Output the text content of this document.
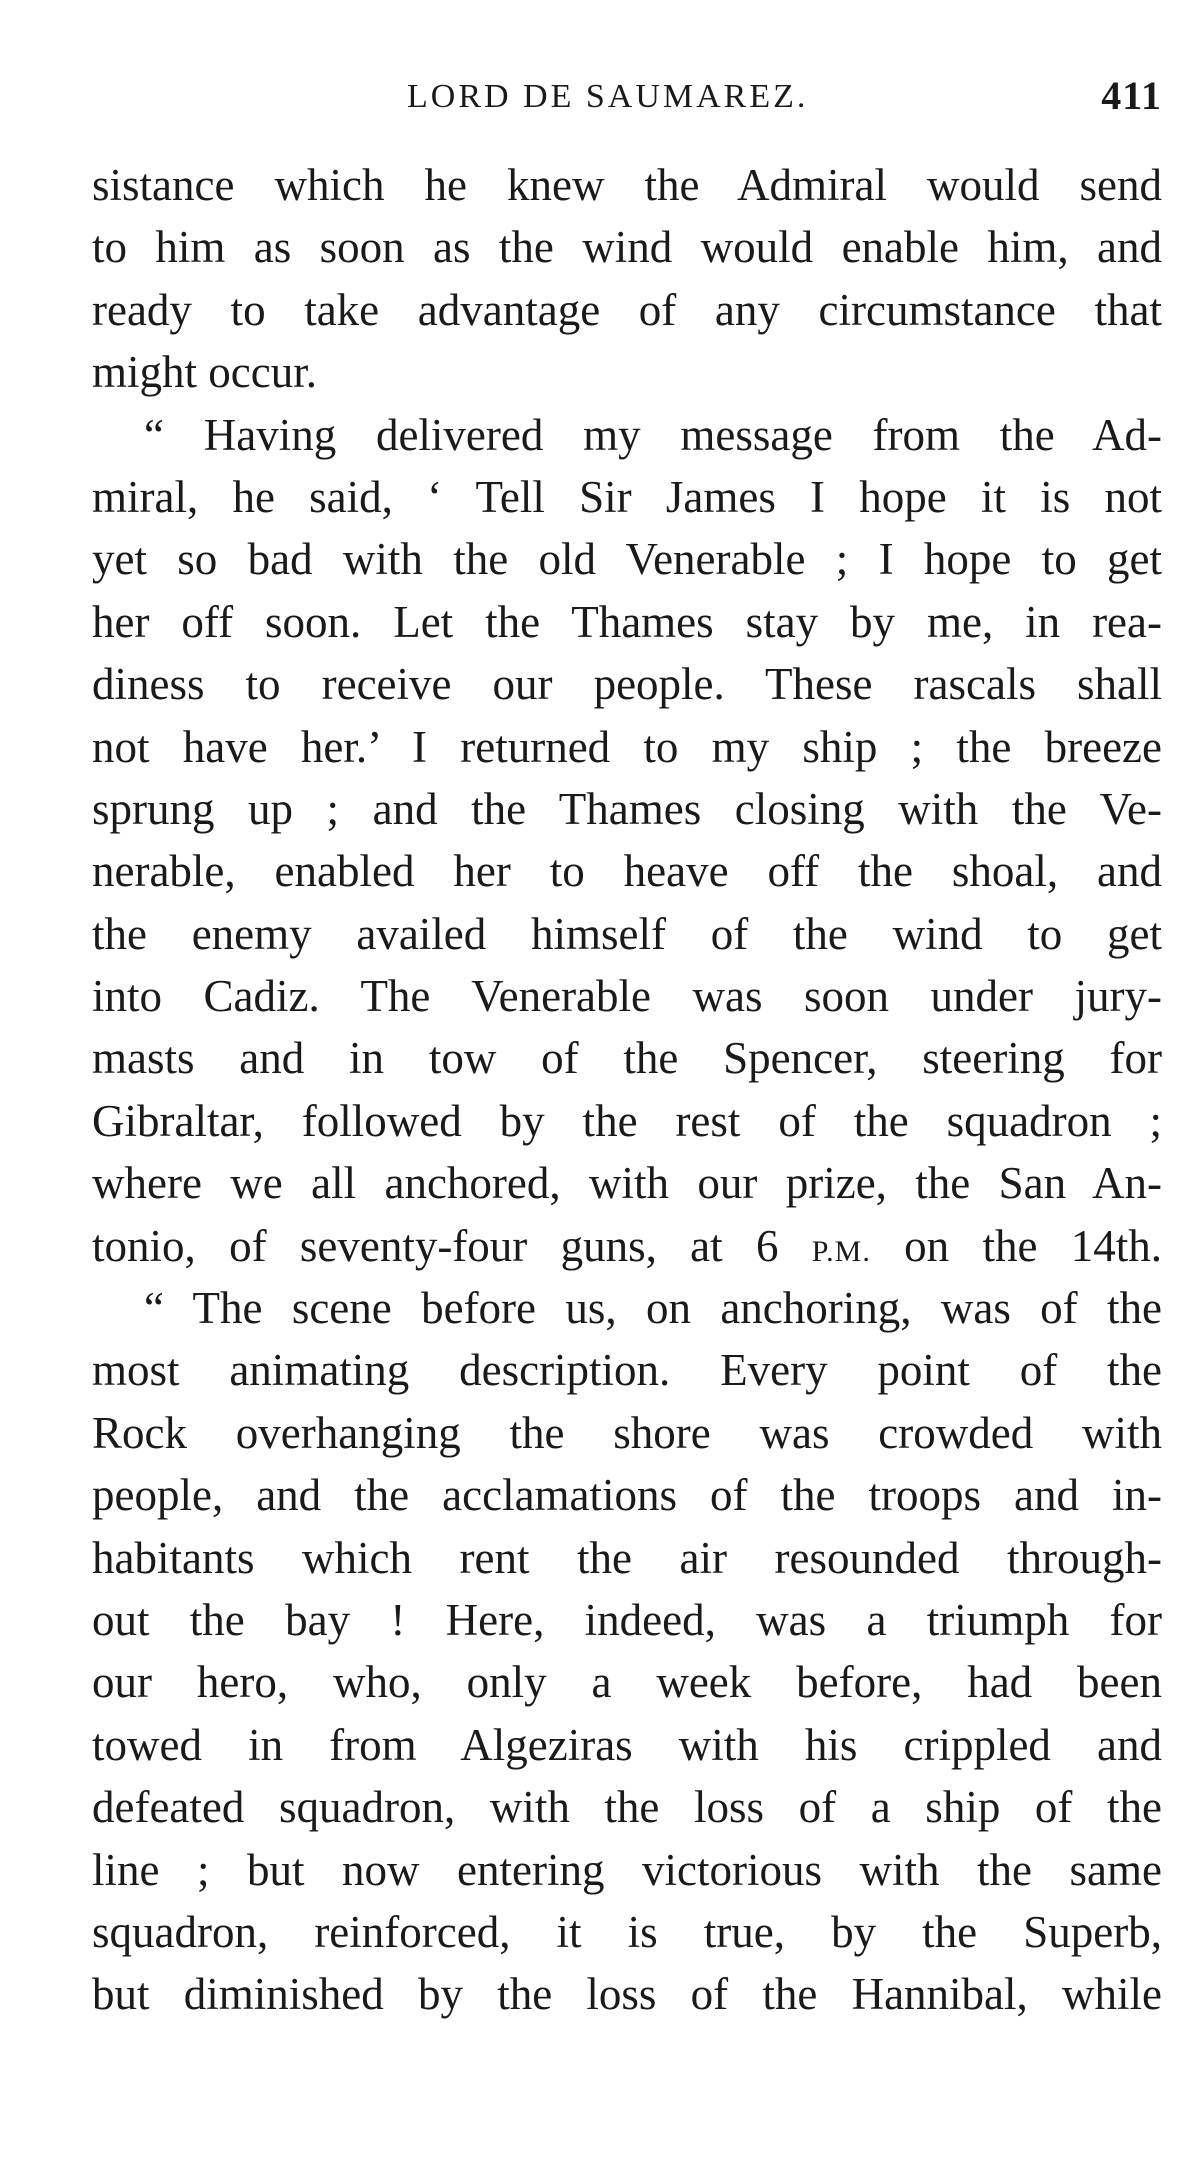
LORD DE SAUMAREZ.	411
sistance which he knew the Admiral would send
to him as soon as the wind would enable him, and
ready to take advantage of any circumstance that
might occur.
“ Having delivered my message from the Ad-
miral, he said, ‘ Tell Sir James I hope it is not
yet so bad with the old Venerable ; I hope to get
her off soon. Let the Thames stay by me, in rea-
diness to receive our people. These rascals shall
not have her.’ I returned to my ship ; the breeze
sprung up ; and the Thames closing with the Ve-
nerable, enabled her to heave off the shoal, and
the enemy availed himself of the wind to get
into Cadiz. The Venerable was soon under jury-
masts and in tow of the Spencer, steering for
Gibraltar, followed by the rest of the squadron ;
where we all anchored, with our prize, the San An-
tonio, of seventy-four guns, at 6 P.M. on the 14th.
“ The scene before us, on anchoring, was of the
most animating description. Every point of the
Rock overhanging the shore was crowded with
people, and the acclamations of the troops and in-
habitants which rent the air resounded through-
out the bay ! Here, indeed, was a triumph for
our hero, who, only a week before, had been
towed in from Algeziras with his crippled and
defeated squadron, with the loss of a ship of the
line ; but now entering victorious with the same
squadron, reinforced, it is true, by the Superb,
but diminished by the loss of the Hannibal, while
